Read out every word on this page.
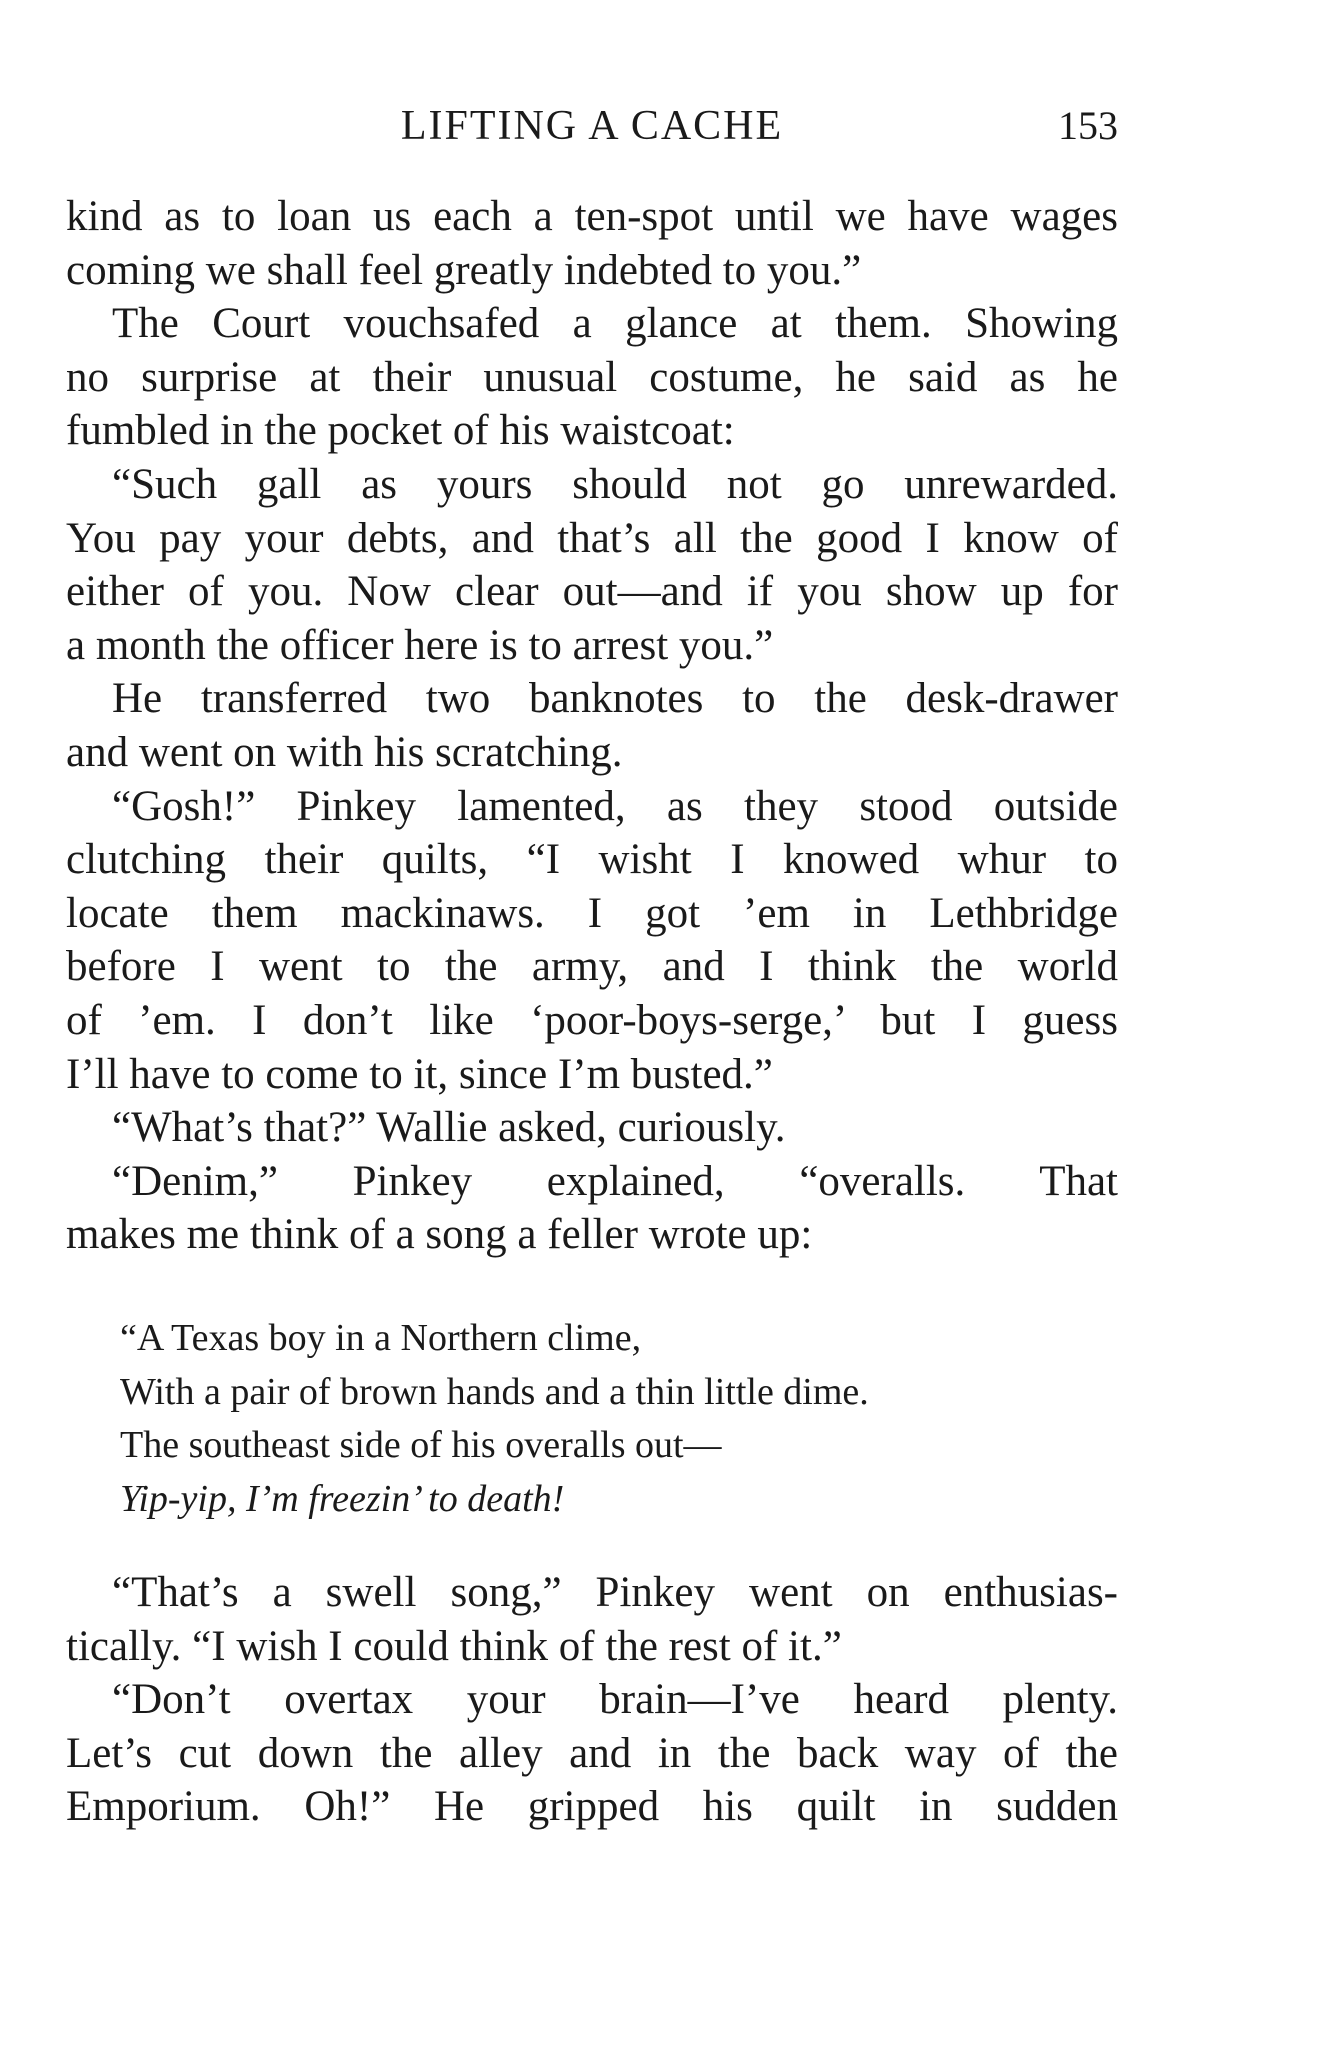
LIFTING A CACHE	153
kind as to loan us each a ten-spot until we have wages
coming we shall feel greatly indebted to you.”
The Court vouchsafed a glance at them. Showing
no surprise at their unusual costume, he said as he
fumbled in the pocket of his waistcoat:
“Such gall as yours should not go unrewarded.
You pay your debts, and that’s all the good I know of
either of you. Now clear out—and if you show up for
a month the officer here is to arrest you.”
He transferred two banknotes to the desk-drawer
and went on with his scratching.
“Gosh!” Pinkey lamented, as they stood outside
clutching their quilts, “I wisht I knowed whur to
locate them mackinaws. I got ’em in Lethbridge
before I went to the army, and I think the world
of ’em. I don’t like ‘poor-boys-serge,’ but I guess
I’ll have to come to it, since I’m busted.”
“What’s that?” Wallie asked, curiously.
“Denim,” Pinkey explained, “overalls. That
makes me think of a song a feller wrote up:
“A Texas boy in a Northern clime,
With a pair of brown hands and a thin little dime.
The southeast side of his overalls out—
Yip-yip, I’m freezin’ to death!
“That’s a swell song,” Pinkey went on enthusias-
tically. “I wish I could think of the rest of it.”
“Don’t overtax your brain—I’ve heard plenty.
Let’s cut down the alley and in the back way of the
Emporium. Oh!” He gripped his quilt in sudden
